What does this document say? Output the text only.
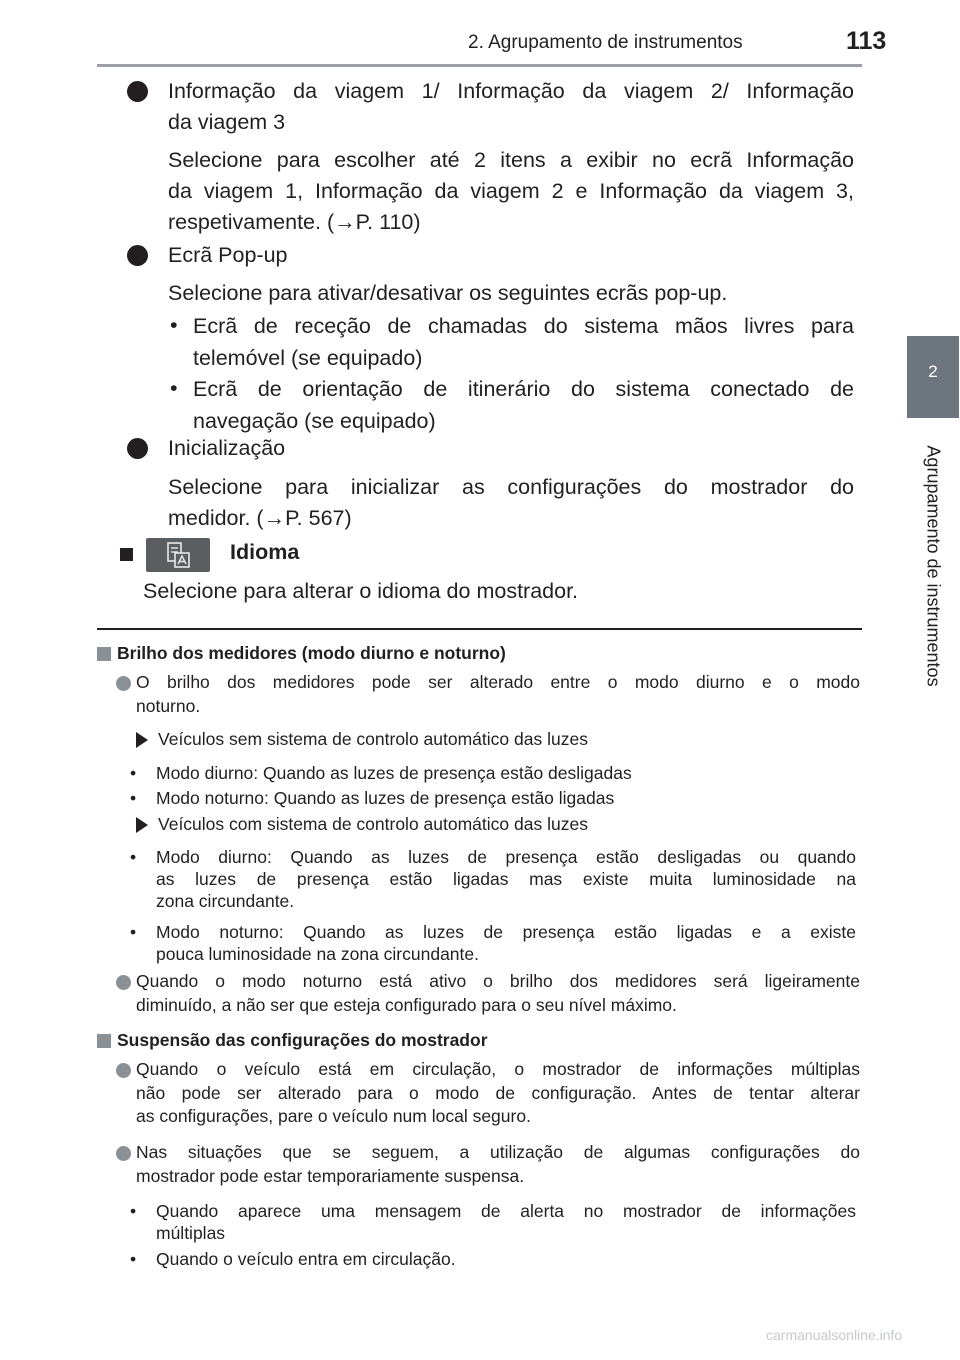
2. Agrupamento de instrumentos	113
2
Agrupamento de instrumentos
Informação da viagem 1/ Informação da viagem 2/ Informação
da viagem 3
Selecione para escolher até 2 itens a exibir no ecrã Informação
da viagem 1, Informação da viagem 2 e Informação da viagem 3,
respetivamente. (→P. 110)
Ecrã Pop-up
Selecione para ativar/desativar os seguintes ecrãs pop-up.
• Ecrã de receção de chamadas do sistema mãos livres para
telemóvel (se equipado)
• Ecrã de orientação de itinerário do sistema conectado de
navegação (se equipado)
Inicialização
Selecione para inicializar as configurações do mostrador do
medidor. (→P. 567)
Idioma
Selecione para alterar o idioma do mostrador.
Brilho dos medidores (modo diurno e noturno)
O brilho dos medidores pode ser alterado entre o modo diurno e o modo
noturno.
Veículos sem sistema de controlo automático das luzes
• Modo diurno: Quando as luzes de presença estão desligadas
• Modo noturno: Quando as luzes de presença estão ligadas
Veículos com sistema de controlo automático das luzes
• Modo diurno: Quando as luzes de presença estão desligadas ou quando
as luzes de presença estão ligadas mas existe muita luminosidade na
zona circundante.
• Modo noturno: Quando as luzes de presença estão ligadas e a existe
pouca luminosidade na zona circundante.
Quando o modo noturno está ativo o brilho dos medidores será ligeiramente
diminuído, a não ser que esteja configurado para o seu nível máximo.
Suspensão das configurações do mostrador
Quando o veículo está em circulação, o mostrador de informações múltiplas
não pode ser alterado para o modo de configuração. Antes de tentar alterar
as configurações, pare o veículo num local seguro.
Nas situações que se seguem, a utilização de algumas configurações do
mostrador pode estar temporariamente suspensa.
• Quando aparece uma mensagem de alerta no mostrador de informações
múltiplas
• Quando o veículo entra em circulação.
carmanualsonline.info
